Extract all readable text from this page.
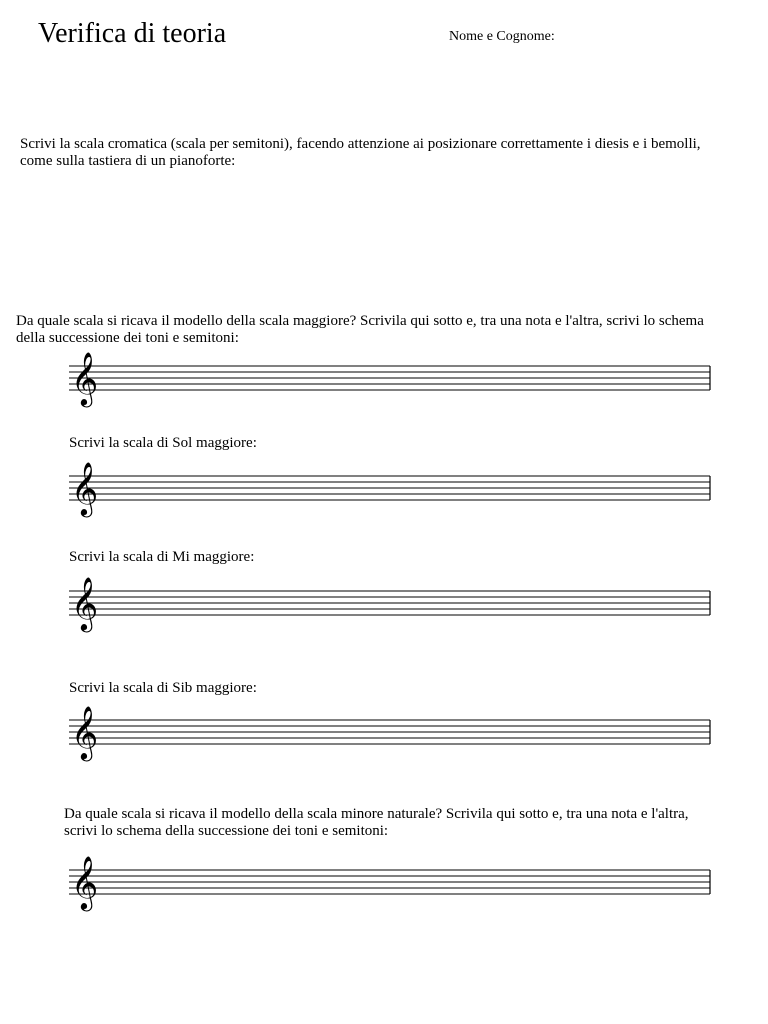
Verifica di teoria	Nome e Cognome:
Scrivi la scala cromatica (scala per semitoni), facendo attenzione ai posizionare correttamente i diesis e i bemolli, come sulla tastiera di un pianoforte:
Da quale scala si ricava il modello della scala maggiore? Scrivila qui sotto e, tra una nota e l'altra, scrivi lo schema della successione dei toni e semitoni:
𝄞
Scrivi la scala di Sol maggiore:
𝄞
Scrivi la scala di Mi maggiore:
𝄞
Scrivi la scala di Sib maggiore:
𝄞
Da quale scala si ricava il modello della scala minore naturale? Scrivila qui sotto e, tra una nota e l'altra, scrivi lo schema della successione dei toni e semitoni:
𝄞
